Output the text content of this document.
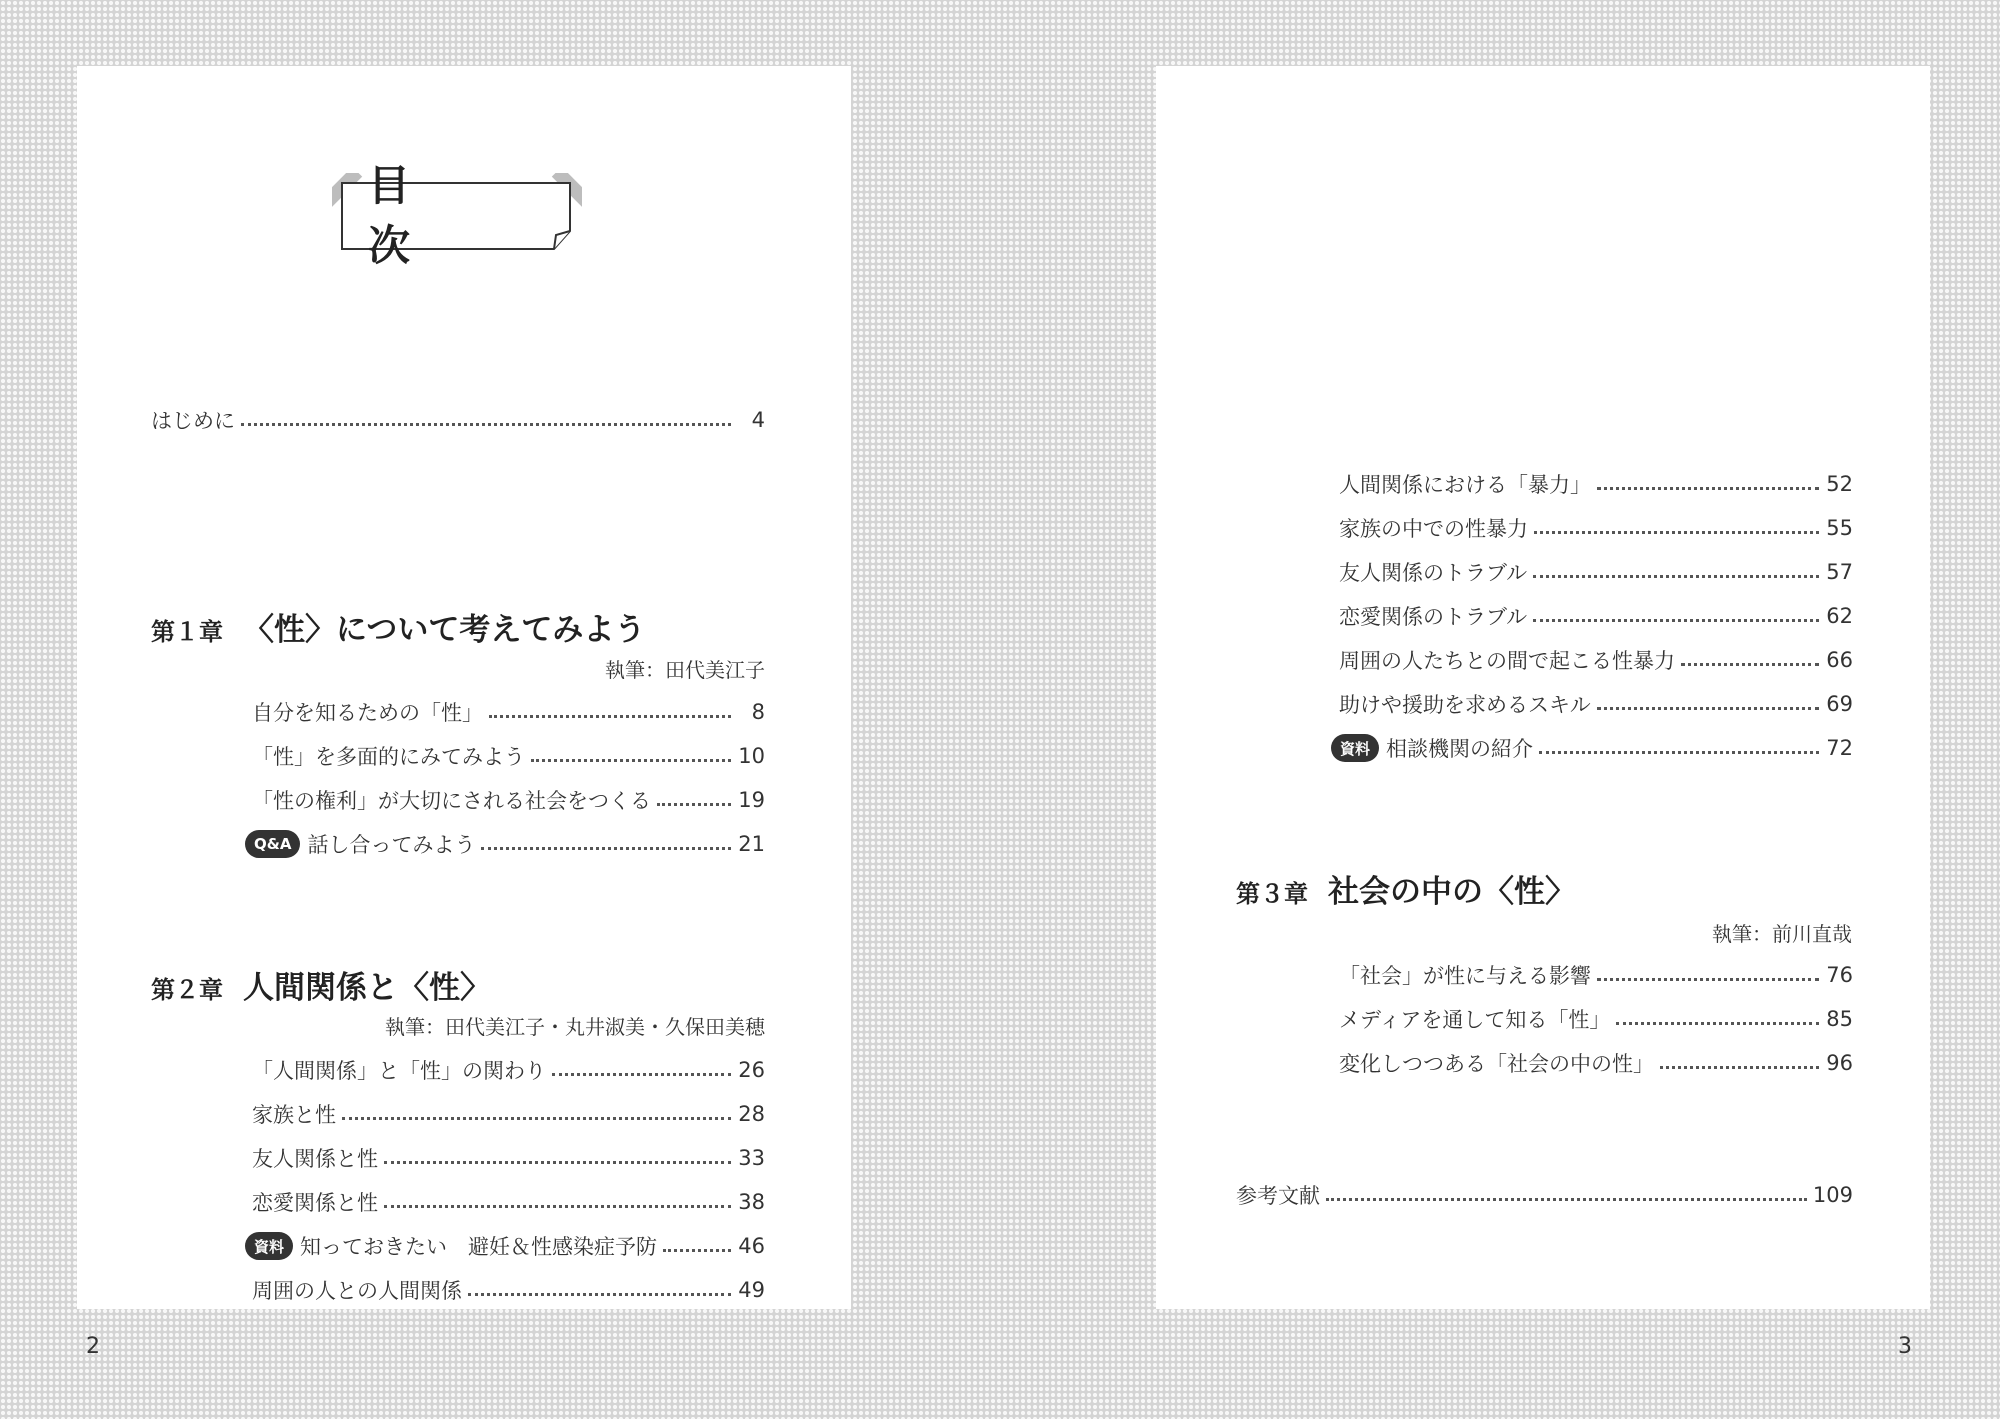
目　次
はじめに	4
第１章 〈性〉について考えてみよう
執筆：田代美江子
自分を知るための「性」	8
「性」を多面的にみてみよう	10
「性の権利」が大切にされる社会をつくる	19
Q&A 話し合ってみよう	21
第２章 人間関係と〈性〉
執筆：田代美江子・丸井淑美・久保田美穂
「人間関係」と「性」の関わり	26
家族と性	28
友人関係と性	33
恋愛関係と性	38
資料 知っておきたい　避妊＆性感染症予防	46
周囲の人との人間関係	49
人間関係における「暴力」	52
家族の中での性暴力	55
友人関係のトラブル	57
恋愛関係のトラブル	62
周囲の人たちとの間で起こる性暴力	66
助けや援助を求めるスキル	69
資料 相談機関の紹介	72
第３章 社会の中の〈性〉
執筆：前川直哉
「社会」が性に与える影響	76
メディアを通して知る「性」	85
変化しつつある「社会の中の性」	96
参考文献	109
2	3
